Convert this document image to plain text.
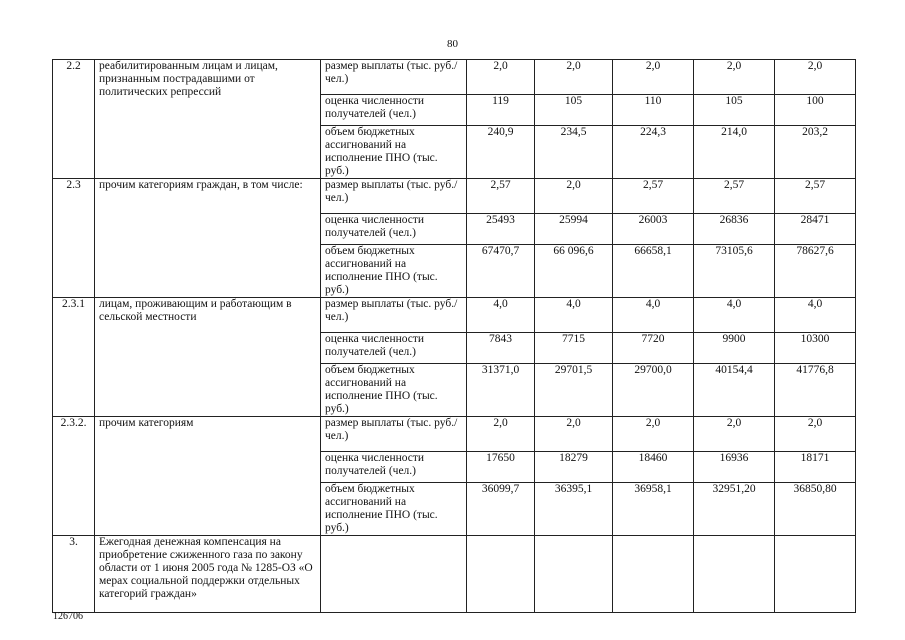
80
2.2	реабилитированным лицам и лицам, признанным пострадавшими от политических репрессий	размер выплаты (тыс. руб./чел.)	2,0	2,0	2,0	2,0	2,0
		оценка численности получателей (чел.)	119	105	110	105	100
		объем бюджетных ассигнований на исполнение ПНО (тыс. руб.)	240,9	234,5	224,3	214,0	203,2
2.3	прочим категориям граждан, в том числе:	размер выплаты (тыс. руб./чел.)	2,57	2,0	2,57	2,57	2,57
		оценка численности получателей (чел.)	25493	25994	26003	26836	28471
		объем бюджетных ассигнований на исполнение ПНО (тыс. руб.)	67470,7	66 096,6	66658,1	73105,6	78627,6
2.3.1	лицам, проживающим и работающим в сельской местности	размер выплаты (тыс. руб./чел.)	4,0	4,0	4,0	4,0	4,0
		оценка численности получателей (чел.)	7843	7715	7720	9900	10300
		объем бюджетных ассигнований на исполнение ПНО (тыс. руб.)	31371,0	29701,5	29700,0	40154,4	41776,8
2.3.2.	прочим категориям	размер выплаты (тыс. руб./чел.)	2,0	2,0	2,0	2,0	2,0
		оценка численности получателей (чел.)	17650	18279	18460	16936	18171
		объем бюджетных ассигнований на исполнение ПНО (тыс. руб.)	36099,7	36395,1	36958,1	32951,20	36850,80
3.	Ежегодная денежная компенсация на приобретение сжиженного газа по закону области от 1 июня 2005 года № 1285-ОЗ «О мерах социальной поддержки отдельных категорий граждан»						
126706
